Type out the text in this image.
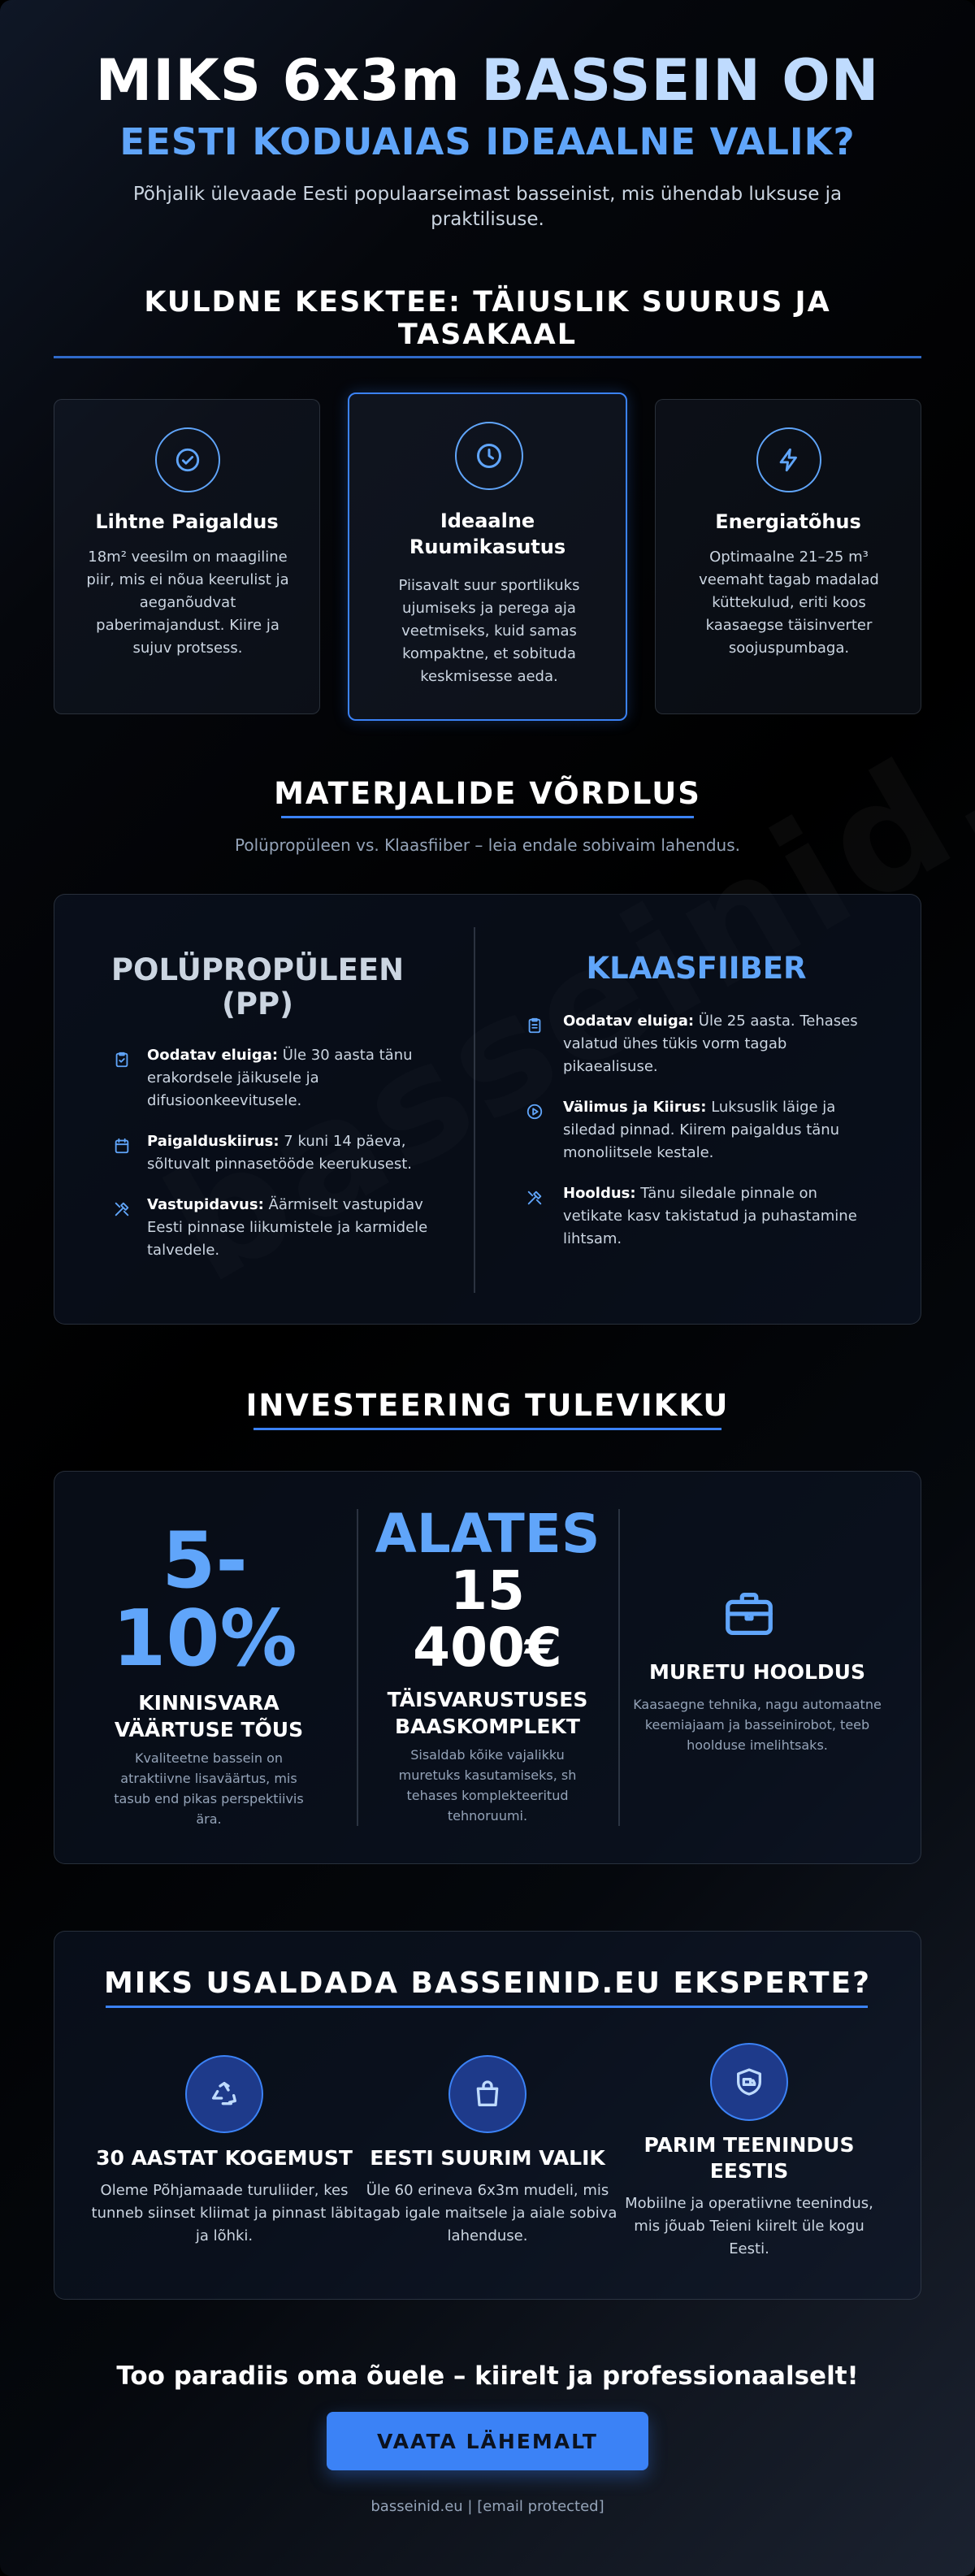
MIKS 6x3m BASSEIN ON
EESTI KODUAIAS IDEAALNE VALIK?
Põhjalik ülevaade Eesti populaarseimast basseinist, mis ühendab luksuse ja praktilisuse.
KULDNE KESKTEE: TÄIUSLIK SUURUS JA TASAKAAL
Lihtne Paigaldus
18m² veesilm on maagiline piir, mis ei nõua keerulist ja aeganõudvat paberimajandust. Kiire ja sujuv protsess.
Ideaalne Ruumikasutus
Piisavalt suur sportlikuks ujumiseks ja perega aja veetmiseks, kuid samas kompaktne, et sobituda keskmisesse aeda.
Energiatõhus
Optimaalne 21–25 m³ veemaht tagab madalad küttekulud, eriti koos kaasaegse täisinverter soojuspumbaga.
MATERJALIDE VÕRDLUS
Polüpropüleen vs. Klaasfiiber – leia endale sobivaim lahendus.
POLÜPROPÜLEEN (PP)
Oodatav eluiga: Üle 30 aasta tänu erakordsele jäikusele ja difusioonkeevitusele.
Paigalduskiirus: 7 kuni 14 päeva, sõltuvalt pinnasetööde keerukusest.
Vastupidavus: Äärmiselt vastupidav Eesti pinnase liikumistele ja karmidele talvedele.
KLAASFIIBER
Oodatav eluiga: Üle 25 aasta. Tehases valatud ühes tükis vorm tagab pikaealisuse.
Välimus ja Kiirus: Luksuslik läige ja siledad pinnad. Kiirem paigaldus tänu monoliitsele kestale.
Hooldus: Tänu siledale pinnale on vetikate kasv takistatud ja puhastamine lihtsam.
INVESTEERING TULEVIKKU
5-
10%
KINNISVARA VÄÄRTUSE TÕUS
Kvaliteetne bassein on atraktiivne lisaväärtus, mis tasub end pikas perspektiivis ära.
ALATES
15
400€
TÄISVARUSTUSES BAASKOMPLEKT
Sisaldab kõike vajalikku muretuks kasutamiseks, sh tehases komplekteeritud tehnoruumi.
MURETU HOOLDUS
Kaasaegne tehnika, nagu automaatne keemiajaam ja basseinirobot, teeb hoolduse imelihtsaks.
MIKS USALDADA BASSEINID.EU EKSPERTE?
30 AASTAT KOGEMUST
Oleme Põhjamaade turuliider, kes tunneb siinset kliimat ja pinnast läbi ja lõhki.
EESTI SUURIM VALIK
Üle 60 erineva 6x3m mudeli, mis tagab igale maitsele ja aiale sobiva lahenduse.
PARIM TEENINDUS EESTIS
Mobiilne ja operatiivne teenindus, mis jõuab Teieni kiirelt üle kogu Eesti.
Too paradiis oma õuele – kiirelt ja professionaalselt!
VAATA LÄHEMALT
basseinid.eu | [email protected]
